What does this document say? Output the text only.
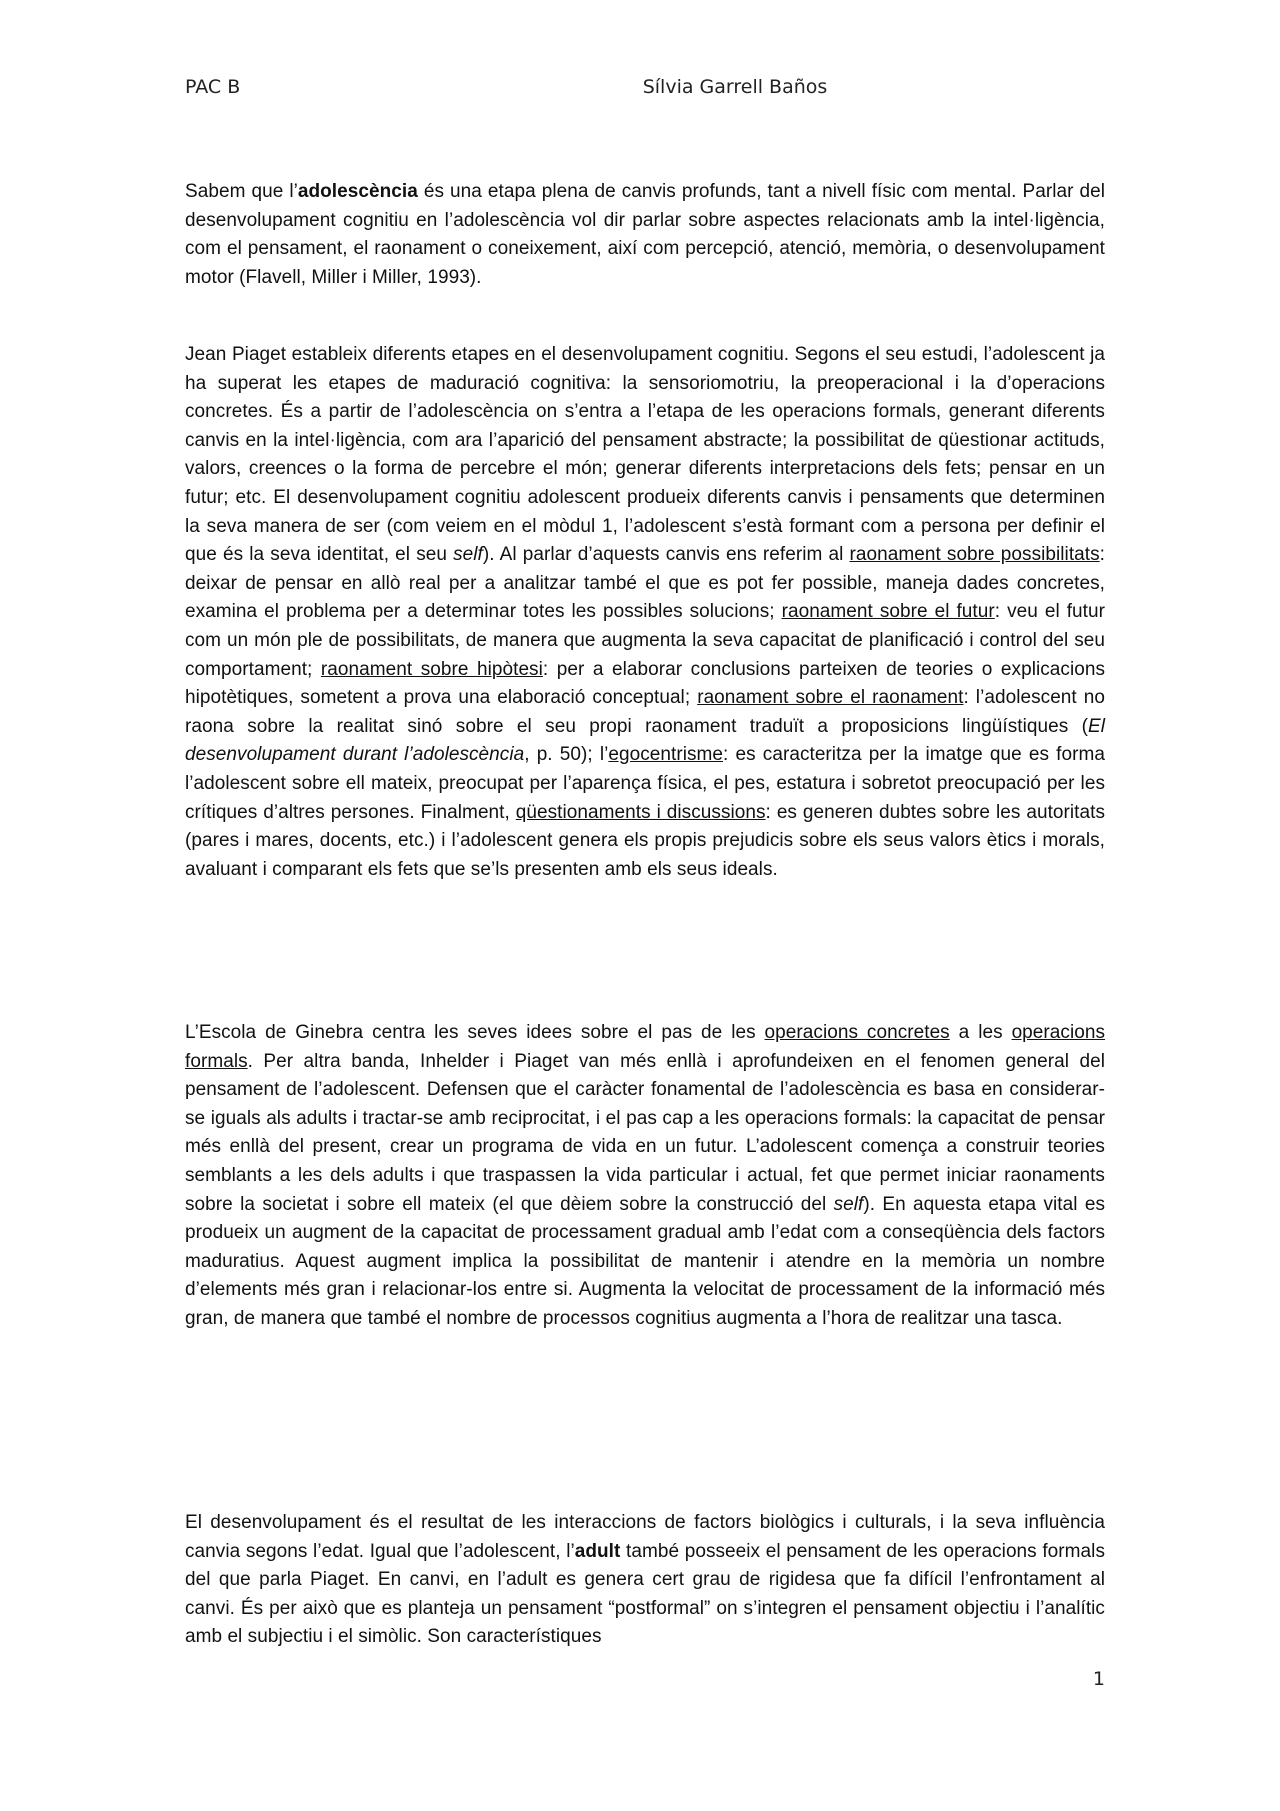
PAC B	Sílvia Garrell Baños

Sabem que l’adolescència és una etapa plena de canvis profunds, tant a nivell físic com mental. Parlar del desenvolupament cognitiu en l’adolescència vol dir parlar sobre aspectes relacionats amb la intel·ligència, com el pensament, el raonament o coneixement, així com percepció, atenció, memòria, o desenvolupament motor (Flavell, Miller i Miller, 1993).

Jean Piaget estableix diferents etapes en el desenvolupament cognitiu. Segons el seu estudi, l’adolescent ja ha superat les etapes de maduració cognitiva: la sensoriomotriu, la preoperacional i la d’operacions concretes. És a partir de l’adolescència on s’entra a l’etapa de les operacions formals, generant diferents canvis en la intel·ligència, com ara l’aparició del pensament abstracte; la possibilitat de qüestionar actituds, valors, creences o la forma de percebre el món; generar diferents interpretacions dels fets; pensar en un futur; etc. El desenvolupament cognitiu adolescent produeix diferents canvis i pensaments que determinen la seva manera de ser (com veiem en el mòdul 1, l’adolescent s’està formant com a persona per definir el que és la seva identitat, el seu self). Al parlar d’aquests canvis ens referim al raonament sobre possibilitats: deixar de pensar en allò real per a analitzar també el que es pot fer possible, maneja dades concretes, examina el problema per a determinar totes les possibles solucions; raonament sobre el futur: veu el futur com un món ple de possibilitats, de manera que augmenta la seva capacitat de planificació i control del seu comportament; raonament sobre hipòtesi: per a elaborar conclusions parteixen de teories o explicacions hipotètiques, sometent a prova una elaboració conceptual; raonament sobre el raonament: l’adolescent no raona sobre la realitat sinó sobre el seu propi raonament traduït a proposicions lingüístiques (El desenvolupament durant l’adolescència, p. 50); l’egocentrisme: es caracteritza per la imatge que es forma l’adolescent sobre ell mateix, preocupat per l’aparença física, el pes, estatura i sobretot preocupació per les crítiques d’altres persones. Finalment, qüestionaments i discussions: es generen dubtes sobre les autoritats (pares i mares, docents, etc.) i l’adolescent genera els propis prejudicis sobre els seus valors ètics i morals, avaluant i comparant els fets que se’ls presenten amb els seus ideals.

L’Escola de Ginebra centra les seves idees sobre el pas de les operacions concretes a les operacions formals. Per altra banda, Inhelder i Piaget van més enllà i aprofundeixen en el fenomen general del pensament de l’adolescent. Defensen que el caràcter fonamental de l’adolescència es basa en considerar-se iguals als adults i tractar-se amb reciprocitat, i el pas cap a les operacions formals: la capacitat de pensar més enllà del present, crear un programa de vida en un futur. L’adolescent comença a construir teories semblants a les dels adults i que traspassen la vida particular i actual, fet que permet iniciar raonaments sobre la societat i sobre ell mateix (el que dèiem sobre la construcció del self). En aquesta etapa vital es produeix un augment de la capacitat de processament gradual amb l’edat com a conseqüència dels factors maduratius. Aquest augment implica la possibilitat de mantenir i atendre en la memòria un nombre d’elements més gran i relacionar-los entre si. Augmenta la velocitat de processament de la informació més gran, de manera que també el nombre de processos cognitius augmenta a l’hora de realitzar una tasca.

El desenvolupament és el resultat de les interaccions de factors biològics i culturals, i la seva influència canvia segons l’edat. Igual que l’adolescent, l’adult també posseeix el pensament de les operacions formals del que parla Piaget. En canvi, en l’adult es genera cert grau de rigidesa que fa difícil l’enfrontament al canvi. És per això que es planteja un pensament “postformal” on s’integren el pensament objectiu i l’analític amb el subjectiu i el simòlic. Son característiques

1
